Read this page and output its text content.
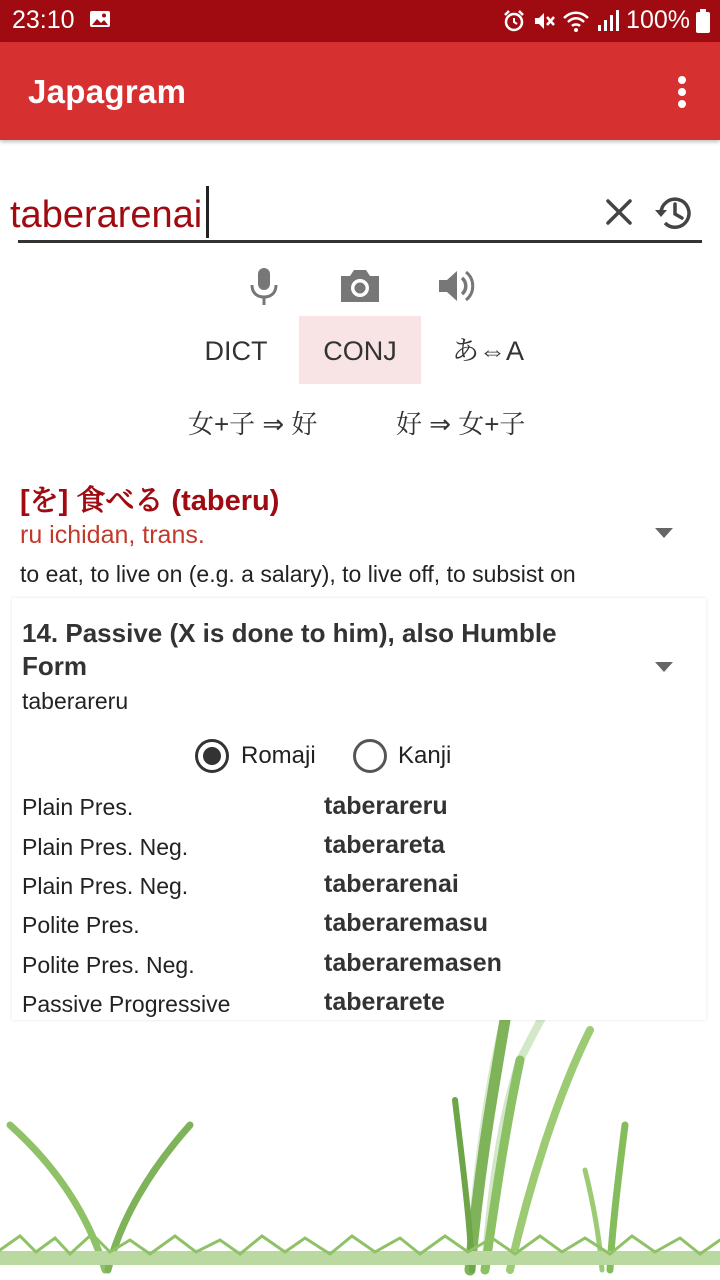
23:10	100%
Japagram
taberarenai
DICT	CONJ	あ⇔A
女+子 ⇒ 好	好 ⇒ 女+子
[を] 食べる (taberu)
ru ichidan, trans.
to eat, to live on (e.g. a salary), to live off, to subsist on
14. Passive (X is done to him), also Humble Form
taberareru
Romaji	Kanji
Plain Pres.	taberareru
Plain Pres. Neg.	taberareta
Plain Pres. Neg.	taberarenai
Polite Pres.	taberaremasu
Polite Pres. Neg.	taberaremasen
Passive Progressive	taberarete
